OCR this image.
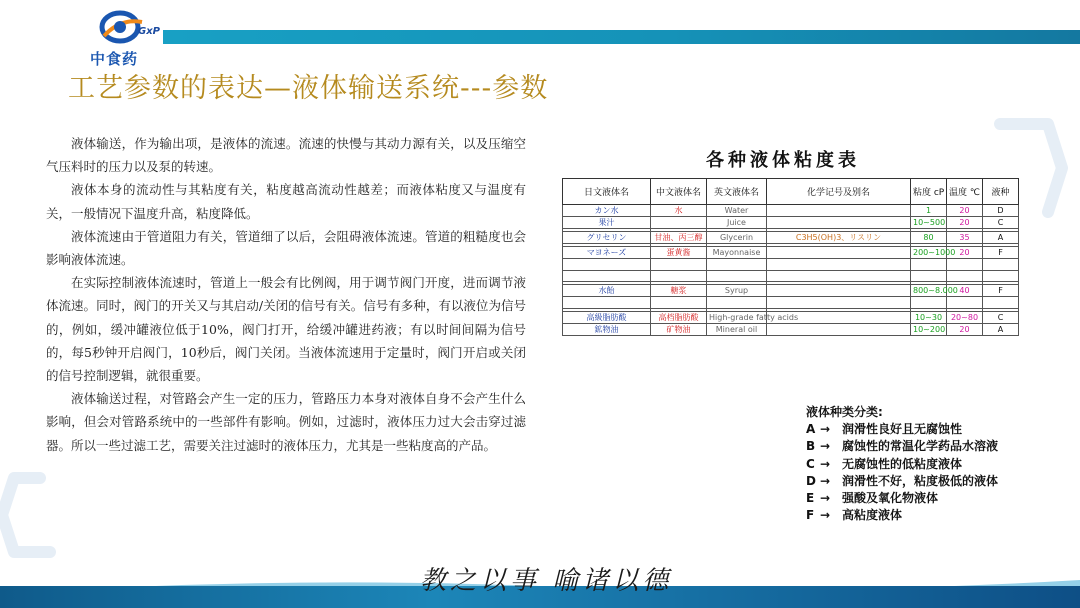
GxP
中食药
工艺参数的表达—液体输送系统---参数

液体输送，作为输出项，是液体的流速。流速的快慢与其动力源有关，以及压缩空气压料时的压力以及泵的转速。

液体本身的流动性与其粘度有关，粘度越高流动性越差；而液体粘度又与温度有关，一般情况下温度升高，粘度降低。

液体流速由于管道阻力有关，管道细了以后，会阻碍液体流速。管道的粗糙度也会影响液体流速。

在实际控制液体流速时，管道上一般会有比例阀，用于调节阀门开度，进而调节液体流速。同时，阀门的开关又与其启动/关闭的信号有关。信号有多种，有以液位为信号的，例如，缓冲罐液位低于10%，阀门打开，给缓冲罐进药液；有以时间间隔为信号的，每5秒钟开启阀门，10秒后，阀门关闭。当液体流速用于定量时，阀门开启或关闭的信号控制逻辑，就很重要。

液体输送过程，对管路会产生一定的压力，管路压力本身对液体自身不会产生什么影响，但会对管路系统中的一些部件有影响。例如，过滤时，液体压力过大会击穿过滤器。所以一些过滤工艺，需要关注过滤时的液体压力，尤其是一些粘度高的产品。

各种液体粘度表
日文液体名	中文液体名	英文液体名	化学记号及别名	粘度 cP	温度 ℃	液种
カン水	水	Water		1	20	D
果汁		Juice		10~500	20	C

グリセリン	甘油、丙三醇	Glycerin	C3H5(OH)3、リスリン	80	35	A

マヨネーズ	蛋黄酱	Mayonnaise		200~1000	20	F

水飴	糖浆	Syrup		800~8.000	40	F

高級脂肪酸	高档脂肪酸	High-grade fatty acids		10~30	20~80	C
鉱物油	矿物油	Mineral oil		10~200	20	A
液体种类分类:
A → 润滑性良好且无腐蚀性
B → 腐蚀性的常温化学药品水溶液
C → 无腐蚀性的低粘度液体
D → 润滑性不好，粘度极低的液体
E → 强酸及氧化物液体
F → 高粘度液体
教之以事 喻诸以德
